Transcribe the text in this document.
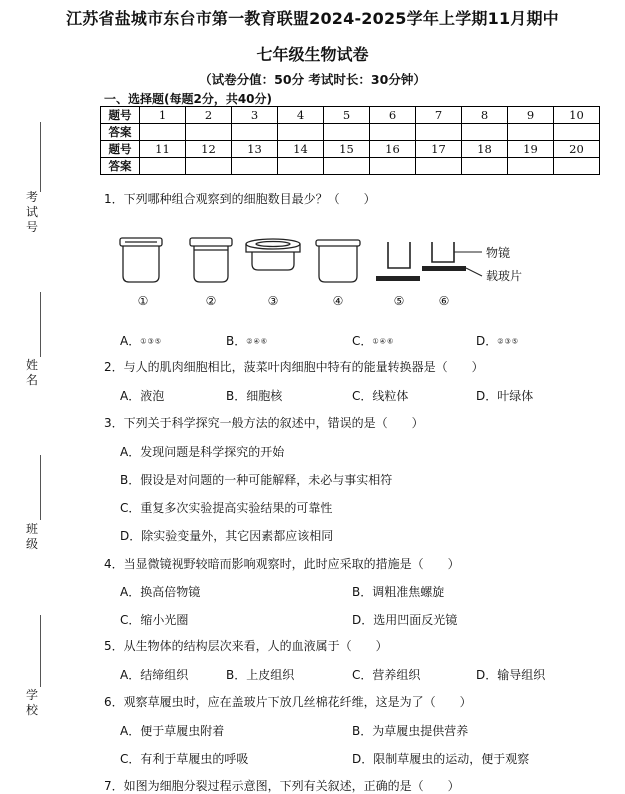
江苏省盐城市东台市第一教育联盟2024-2025学年上学期11月期中
七年级生物试卷
（试卷分值：50分 考试时长：30分钟）
考 试 号
姓 名
班 级
学 校
一、选择题(每题2分，共40分)
题号	1	2	3	4	5	6	7	8	9	10
答案										
题号	11	12	13	14	15	16	17	18	19	20
答案										
1．下列哪种组合观察到的细胞数目最少？（　　）
物镜
载玻片
①	②	③	④	⑤	⑥
A．①③⑤	B．②④⑥	C．①④⑥	D．②③⑤
2．与人的肌肉细胞相比，菠菜叶肉细胞中特有的能量转换器是（　　）
A．液泡	B．细胞核	C．线粒体	D．叶绿体
3．下列关于科学探究一般方法的叙述中，错误的是（　　）
A．发现问题是科学探究的开始
B．假设是对问题的一种可能解释，未必与事实相符
C．重复多次实验提高实验结果的可靠性
D．除实验变量外，其它因素都应该相同
4．当显微镜视野较暗而影响观察时，此时应采取的措施是（　　）
A．换高倍物镜	B．调粗准焦螺旋
C．缩小光圈	D．选用凹面反光镜
5．从生物体的结构层次来看，人的血液属于（　　）
A．结缔组织	B．上皮组织	C．营养组织	D．输导组织
6．观察草履虫时，应在盖玻片下放几丝棉花纤维，这是为了（　　）
A．便于草履虫附着	B．为草履虫提供营养
C．有利于草履虫的呼吸	D．限制草履虫的运动，便于观察
7．如图为细胞分裂过程示意图，下列有关叙述，正确的是（　　）
